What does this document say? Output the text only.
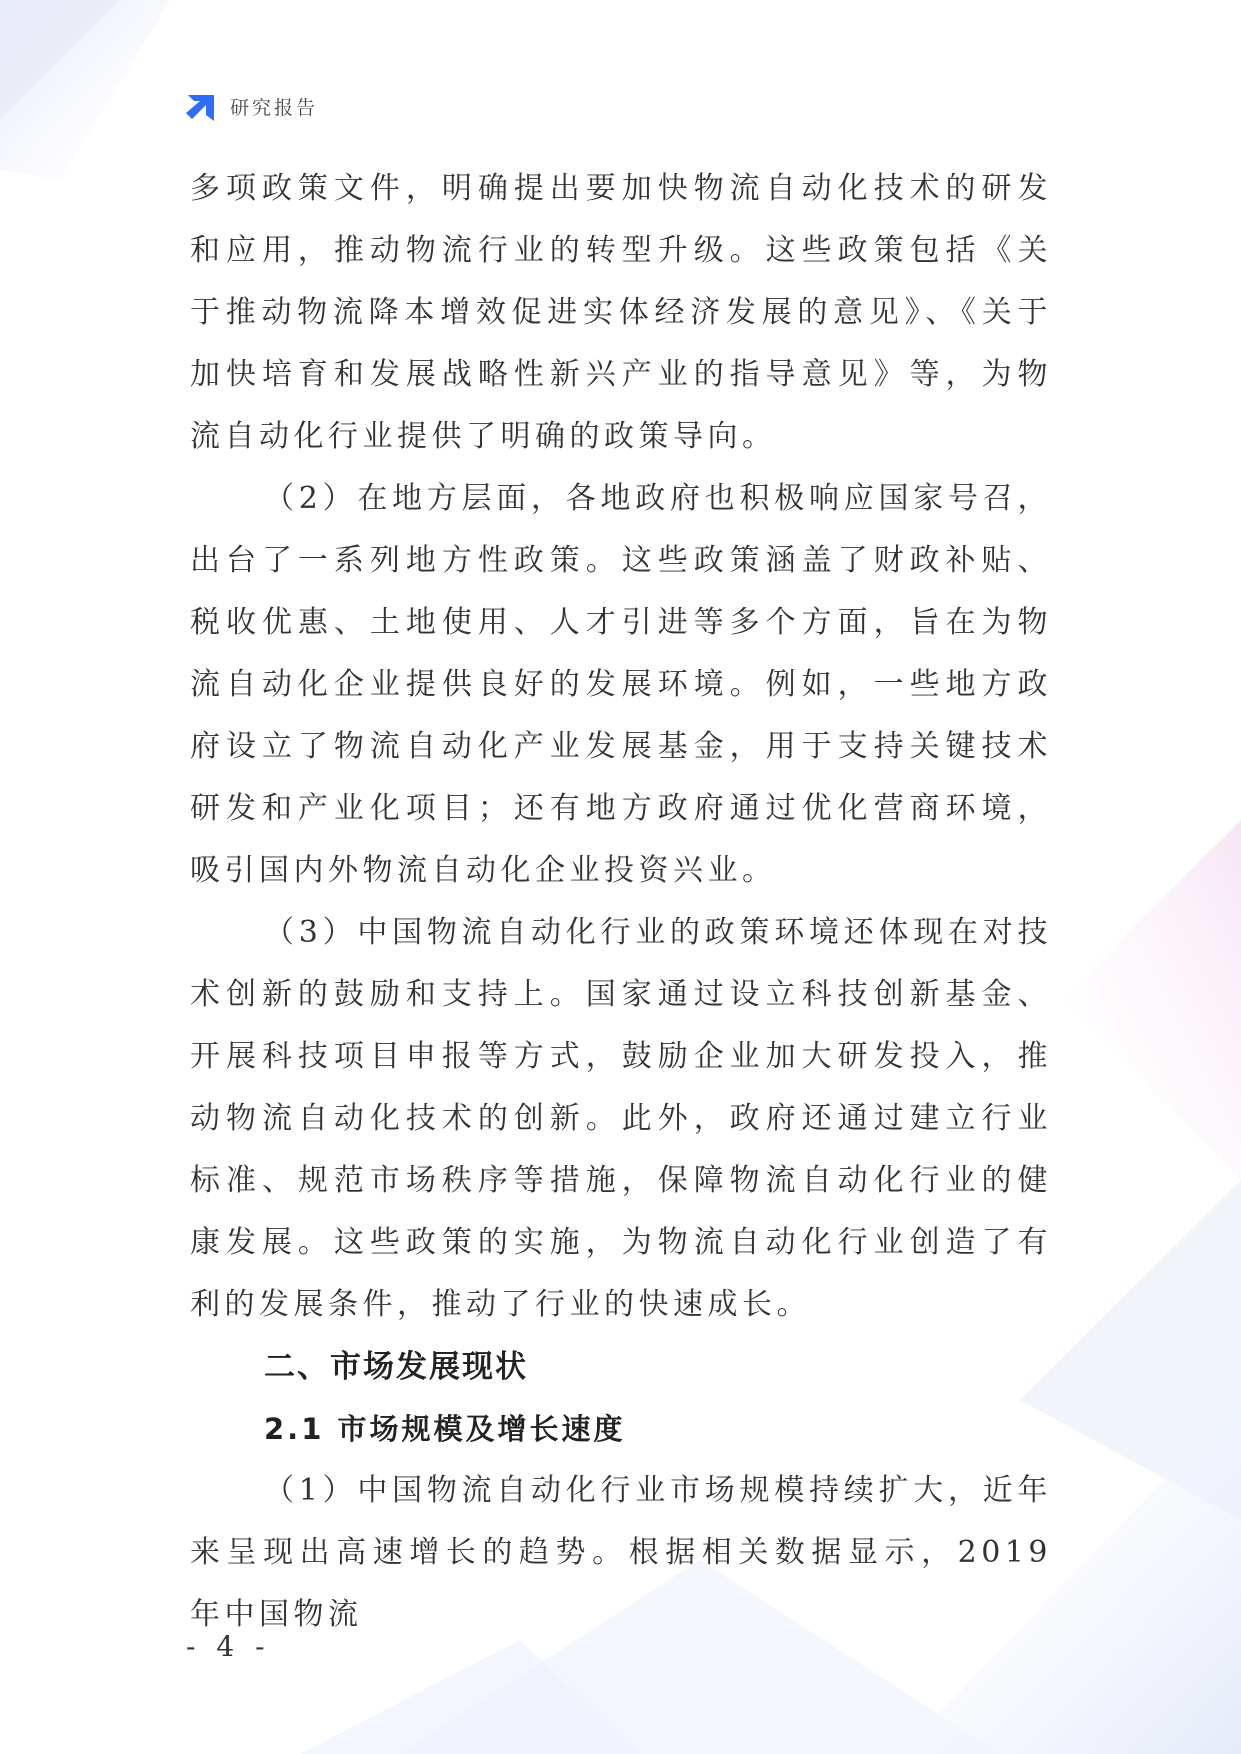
研究报告

多项政策文件，明确提出要加快物流自动化技术的研发和应用，推动物流行业的转型升级。这些政策包括《关于推动物流降本增效促进实体经济发展的意见》、《关于加快培育和发展战略性新兴产业的指导意见》等，为物流自动化行业提供了明确的政策导向。

（2）在地方层面，各地政府也积极响应国家号召，出台了一系列地方性政策。这些政策涵盖了财政补贴、税收优惠、土地使用、人才引进等多个方面，旨在为物流自动化企业提供良好的发展环境。例如，一些地方政府设立了物流自动化产业发展基金，用于支持关键技术研发和产业化项目；还有地方政府通过优化营商环境，吸引国内外物流自动化企业投资兴业。

（3）中国物流自动化行业的政策环境还体现在对技术创新的鼓励和支持上。国家通过设立科技创新基金、开展科技项目申报等方式，鼓励企业加大研发投入，推动物流自动化技术的创新。此外，政府还通过建立行业标准、规范市场秩序等措施，保障物流自动化行业的健康发展。这些政策的实施，为物流自动化行业创造了有利的发展条件，推动了行业的快速成长。

二、市场发展现状
2.1 市场规模及增长速度

（1）中国物流自动化行业市场规模持续扩大，近年来呈现出高速增长的趋势。根据相关数据显示，2019 年中国物流

- 4 -
